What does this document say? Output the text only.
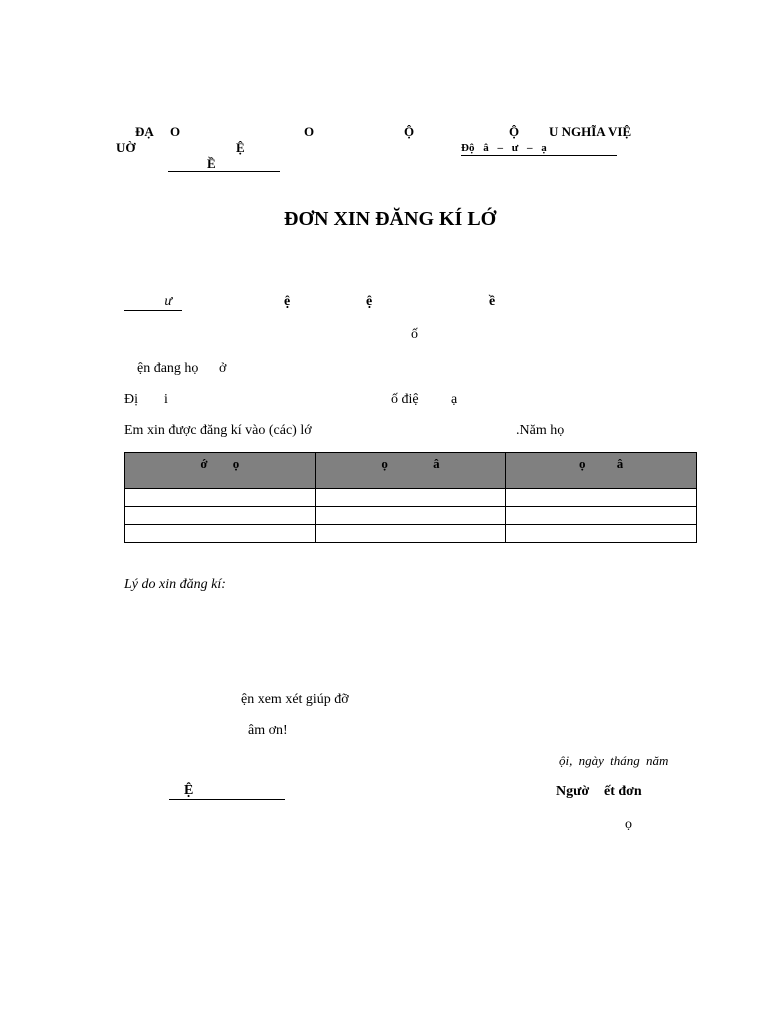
ĐẠ O
UỜ	Ệ
Ề
O	Ộ	Ộ U NGHĨA VIỆ
Độ â – ư – ạ
ĐƠN XIN ĐĂNG KÍ LỚ
ư	ệ	ệ	ề
ố
ện đang họ ở
Đị i	ố điệ ạ
Em xin được đăng kí vào (các) lớ	.Năm họ
ớ ọ	ọ â	ọ â

Lý do xin đăng kí:
ện xem xét giúp đỡ
âm ơn!
ội, ngày tháng năm
Ệ	Ngườ ết đơn
ọ
